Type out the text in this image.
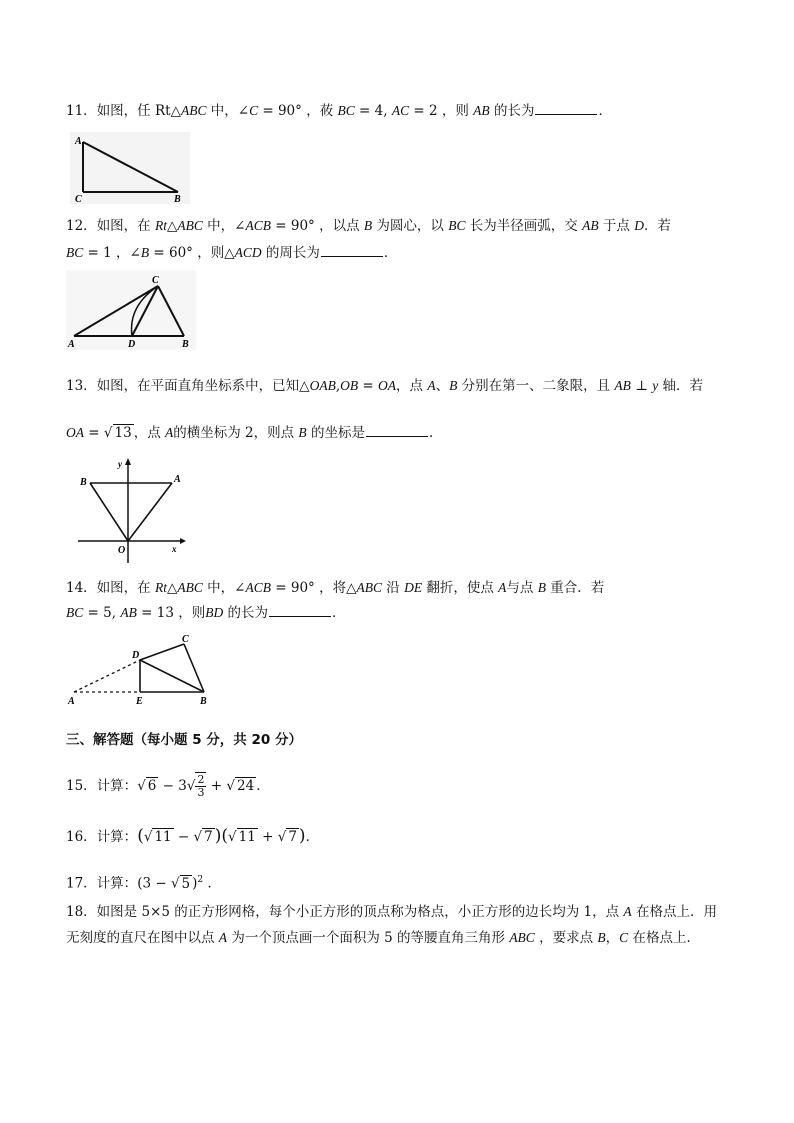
11．如图，任 Rt△ABC 中，∠C = 90° ，莜 BC = 4, AC = 2 ，则 AB 的长为	．
A
C	B
12．如图，在 Rt△ABC 中，∠ACB = 90° ，以点 B 为圆心，以 BC 长为半径画弧，交 AB 于点 D．若
BC = 1 ，∠B = 60° ，则△ACD 的周长为	．
A
C
D	B
13．如图，在平面直角坐标系中，已知△OAB,OB = OA，点 A、B 分别在第一、二象限，且 AB ⊥ y 轴．若
OA = √ 13 ，点 A的横坐标为 2，则点 B 的坐标是	．
B	A
O	x
y
14．如图，在 Rt△ABC 中，∠ACB = 90° ，将△ABC 沿 DE 翻折，使点 A与点 B 重合．若
BC = 5, AB = 13 ，则BD 的长为	．
A
D
C
E	B
三、解答题（每小题 5 分，共 20 分）
15．计算：√ $6 - 3√ \frac{2}{3}$ + √ 24 ．
16．计算：(√ 11 − √ 7 )(√ 11 + √ 7 )．
17．计算：(3 − √ 5 )$^2$ ．
18．如图是 5×5 的正方形网格，每个小正方形的顶点称为格点，小正方形的边长均为 1，点 A 在格点上．用
无刻度的直尺在图中以点 A 为一个顶点画一个面积为 5 的等腰直角三角形 ABC ，要求点 B，C 在格点上．
